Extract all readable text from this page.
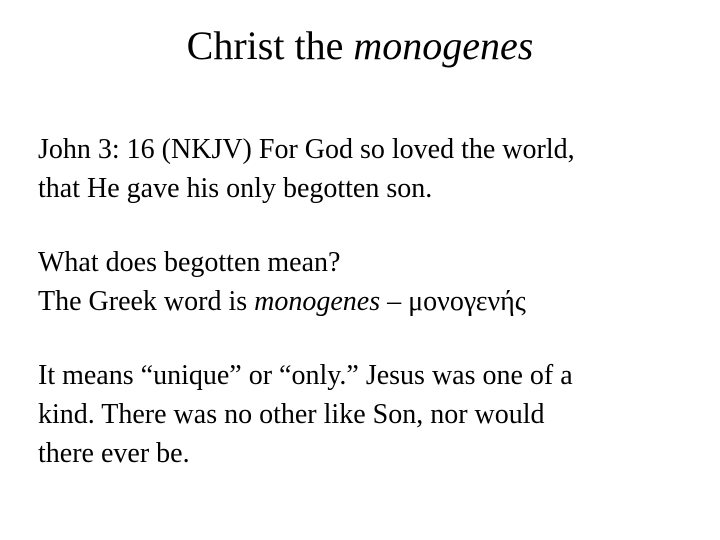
Christ the monogenes

John 3: 16 (NKJV) For God so loved the world,
that He gave his only begotten son.

What does begotten mean?
The Greek word is monogenes – μονογενής

It means “unique” or “only.” Jesus was one of a
kind. There was no other like Son, nor would
there ever be.
